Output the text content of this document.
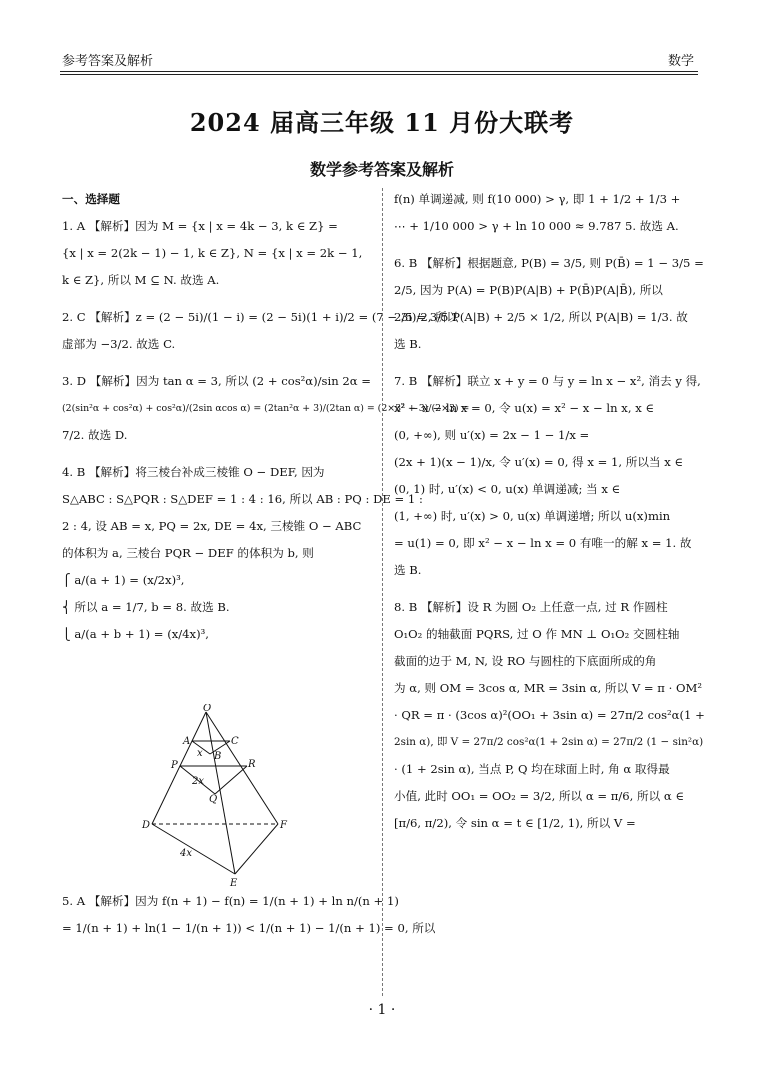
参考答案及解析	数学
2024 届高三年级 11 月份大联考
数学参考答案及解析

一、选择题

1. A 【解析】因为 M = {x | x = 4k − 3, k ∈ Z} =

{x | x = 2(2k − 1) − 1, k ∈ Z}, N = {x | x = 2k − 1,

k ∈ Z}, 所以 M ⊆ N. 故选 A.

2. C 【解析】z = (2 − 5i)/(1 − i) = (2 − 5i)(1 + i)/2 = (7 − 3i)/2, 所以

虚部为 −3/2. 故选 C.

3. D 【解析】因为 tan α = 3, 所以 (2 + cos²α)/sin 2α =

(2(sin²α + cos²α) + cos²α)/(2sin αcos α) = (2tan²α + 3)/(2tan α) = (2×3² + 3)/(2×3) =

7/2. 故选 D.

4. B 【解析】将三棱台补成三棱锥 O − DEF, 因为

S△ABC : S△PQR : S△DEF = 1 : 4 : 16, 所以 AB : PQ : DE = 1 :

2 : 4, 设 AB = x, PQ = 2x, DE = 4x, 三棱锥 O − ABC

的体积为 a, 三棱台 PQR − DEF 的体积为 b, 则

⎧ a/(a + 1) = (x/2x)³,

⎨ 所以 a = 1/7, b = 8. 故选 B.

⎩ a/(a + b + 1) = (x/4x)³,

O
A	C
B
x
P	R
2x
Q
D	F
4x
E

5. A 【解析】因为 f(n + 1) − f(n) = 1/(n + 1) + ln n/(n + 1)

= 1/(n + 1) + ln(1 − 1/(n + 1)) < 1/(n + 1) − 1/(n + 1) = 0, 所以

f(n) 单调递减, 则 f(10 000) > γ, 即 1 + 1/2 + 1/3 +

⋯ + 1/10 000 > γ + ln 10 000 ≈ 9.787 5. 故选 A.

6. B 【解析】根据题意, P(B) = 3/5, 则 P(B̄) = 1 − 3/5 =

2/5, 因为 P(A) = P(B)P(A|B) + P(B̄)P(A|B̄), 所以

2/5 = 3/5 P(A|B) + 2/5 × 1/2, 所以 P(A|B) = 1/3. 故

选 B.

7. B 【解析】联立 x + y = 0 与 y = ln x − x², 消去 y 得,

x² − x − ln x = 0, 令 u(x) = x² − x − ln x, x ∈

(0, +∞), 则 u′(x) = 2x − 1 − 1/x =

(2x + 1)(x − 1)/x, 令 u′(x) = 0, 得 x = 1, 所以当 x ∈

(0, 1) 时, u′(x) < 0, u(x) 单调递减; 当 x ∈

(1, +∞) 时, u′(x) > 0, u(x) 单调递增; 所以 u(x)min

= u(1) = 0, 即 x² − x − ln x = 0 有唯一的解 x = 1. 故

选 B.

8. B 【解析】设 R 为圆 O₂ 上任意一点, 过 R 作圆柱

O₁O₂ 的轴截面 PQRS, 过 O 作 MN ⊥ O₁O₂ 交圆柱轴

截面的边于 M, N, 设 RO 与圆柱的下底面所成的角

为 α, 则 OM = 3cos α, MR = 3sin α, 所以 V = π · OM²

· QR = π · (3cos α)²(OO₁ + 3sin α) = 27π/2 cos²α(1 +

2sin α), 即 V = 27π/2 cos²α(1 + 2sin α) = 27π/2 (1 − sin²α)

· (1 + 2sin α), 当点 P, Q 均在球面上时, 角 α 取得最

小值, 此时 OO₁ = OO₂ = 3/2, 所以 α = π/6, 所以 α ∈

[π/6, π/2), 令 sin α = t ∈ [1/2, 1), 所以 V =

· 1 ·
